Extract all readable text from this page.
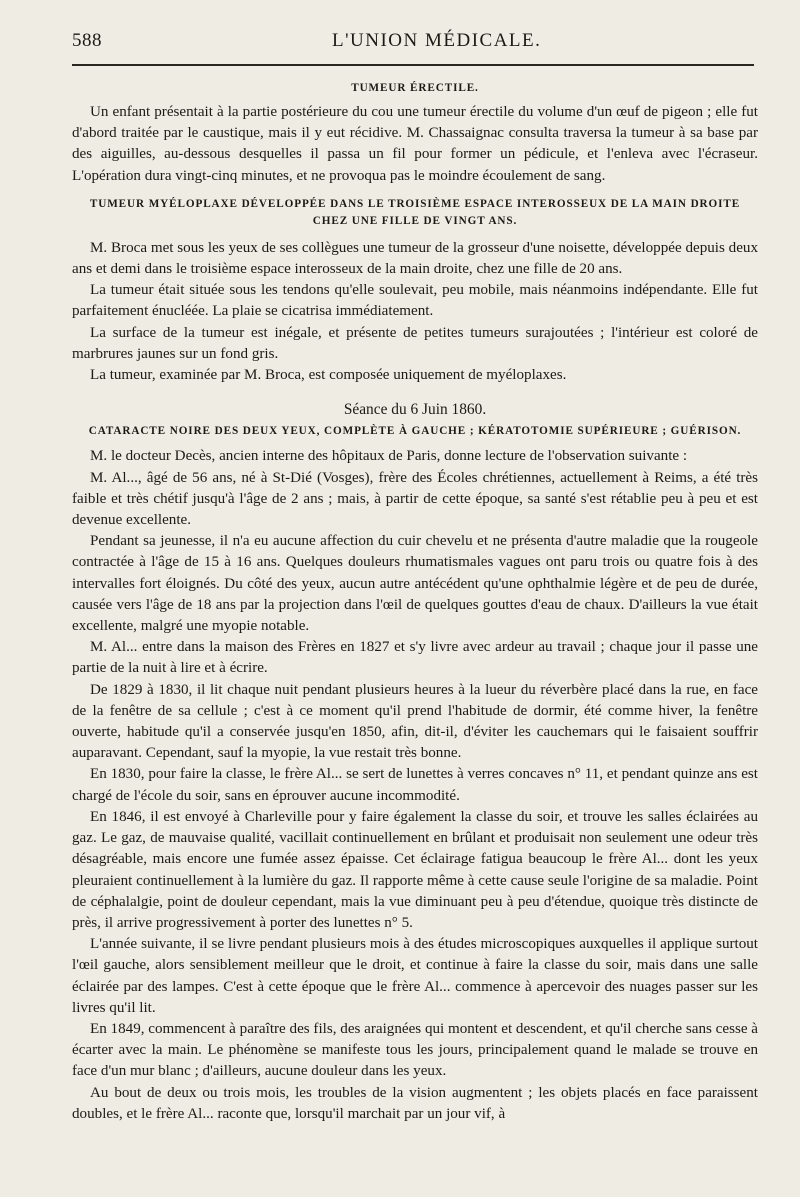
588	L'UNION MÉDICALE.
TUMEUR ÉRECTILE.

Un enfant présentait à la partie postérieure du cou une tumeur érectile du volume d'un œuf de pigeon ; elle fut d'abord traitée par le caustique, mais il y eut récidive. M. Chassaignac consulta traversa la tumeur à sa base par des aiguilles, au-dessous desquelles il passa un fil pour former un pédicule, et l'enleva avec l'écraseur. L'opération dura vingt-cinq minutes, et ne provoqua pas le moindre écoulement de sang.

TUMEUR MYÉLOPLAXE DÉVELOPPÉE DANS LE TROISIÈME ESPACE INTEROSSEUX DE LA MAIN DROITE CHEZ UNE FILLE DE VINGT ANS.

M. Broca met sous les yeux de ses collègues une tumeur de la grosseur d'une noisette, développée depuis deux ans et demi dans le troisième espace interosseux de la main droite, chez une fille de 20 ans.

La tumeur était située sous les tendons qu'elle soulevait, peu mobile, mais néanmoins indépendante. Elle fut parfaitement énucléée. La plaie se cicatrisa immédiatement.

La surface de la tumeur est inégale, et présente de petites tumeurs surajoutées ; l'intérieur est coloré de marbrures jaunes sur un fond gris.

La tumeur, examinée par M. Broca, est composée uniquement de myéloplaxes.

Séance du 6 Juin 1860.
CATARACTE NOIRE DES DEUX YEUX, COMPLÈTE À GAUCHE ; KÉRATOTOMIE SUPÉRIEURE ; GUÉRISON.

M. le docteur Decès, ancien interne des hôpitaux de Paris, donne lecture de l'observation suivante :

M. Al..., âgé de 56 ans, né à St-Dié (Vosges), frère des Écoles chrétiennes, actuellement à Reims, a été très faible et très chétif jusqu'à l'âge de 2 ans ; mais, à partir de cette époque, sa santé s'est rétablie peu à peu et est devenue excellente.

Pendant sa jeunesse, il n'a eu aucune affection du cuir chevelu et ne présenta d'autre maladie que la rougeole contractée à l'âge de 15 à 16 ans. Quelques douleurs rhumatismales vagues ont paru trois ou quatre fois à des intervalles fort éloignés. Du côté des yeux, aucun autre antécédent qu'une ophthalmie légère et de peu de durée, causée vers l'âge de 18 ans par la projection dans l'œil de quelques gouttes d'eau de chaux. D'ailleurs la vue était excellente, malgré une myopie notable.

M. Al... entre dans la maison des Frères en 1827 et s'y livre avec ardeur au travail ; chaque jour il passe une partie de la nuit à lire et à écrire.

De 1829 à 1830, il lit chaque nuit pendant plusieurs heures à la lueur du réverbère placé dans la rue, en face de la fenêtre de sa cellule ; c'est à ce moment qu'il prend l'habitude de dormir, été comme hiver, la fenêtre ouverte, habitude qu'il a conservée jusqu'en 1850, afin, dit-il, d'éviter les cauchemars qui le faisaient souffrir auparavant. Cependant, sauf la myopie, la vue restait très bonne.

En 1830, pour faire la classe, le frère Al... se sert de lunettes à verres concaves n° 11, et pendant quinze ans est chargé de l'école du soir, sans en éprouver aucune incommodité.

En 1846, il est envoyé à Charleville pour y faire également la classe du soir, et trouve les salles éclairées au gaz. Le gaz, de mauvaise qualité, vacillait continuellement en brûlant et produisait non seulement une odeur très désagréable, mais encore une fumée assez épaisse. Cet éclairage fatigua beaucoup le frère Al... dont les yeux pleuraient continuellement à la lumière du gaz. Il rapporte même à cette cause seule l'origine de sa maladie. Point de céphalalgie, point de douleur cependant, mais la vue diminuant peu à peu d'étendue, quoique très distincte de près, il arrive progressivement à porter des lunettes n° 5.

L'année suivante, il se livre pendant plusieurs mois à des études microscopiques auxquelles il applique surtout l'œil gauche, alors sensiblement meilleur que le droit, et continue à faire la classe du soir, mais dans une salle éclairée par des lampes. C'est à cette époque que le frère Al... commence à apercevoir des nuages passer sur les livres qu'il lit.

En 1849, commencent à paraître des fils, des araignées qui montent et descendent, et qu'il cherche sans cesse à écarter avec la main. Le phénomène se manifeste tous les jours, principalement quand le malade se trouve en face d'un mur blanc ; d'ailleurs, aucune douleur dans les yeux.

Au bout de deux ou trois mois, les troubles de la vision augmentent ; les objets placés en face paraissent doubles, et le frère Al... raconte que, lorsqu'il marchait par un jour vif, à
